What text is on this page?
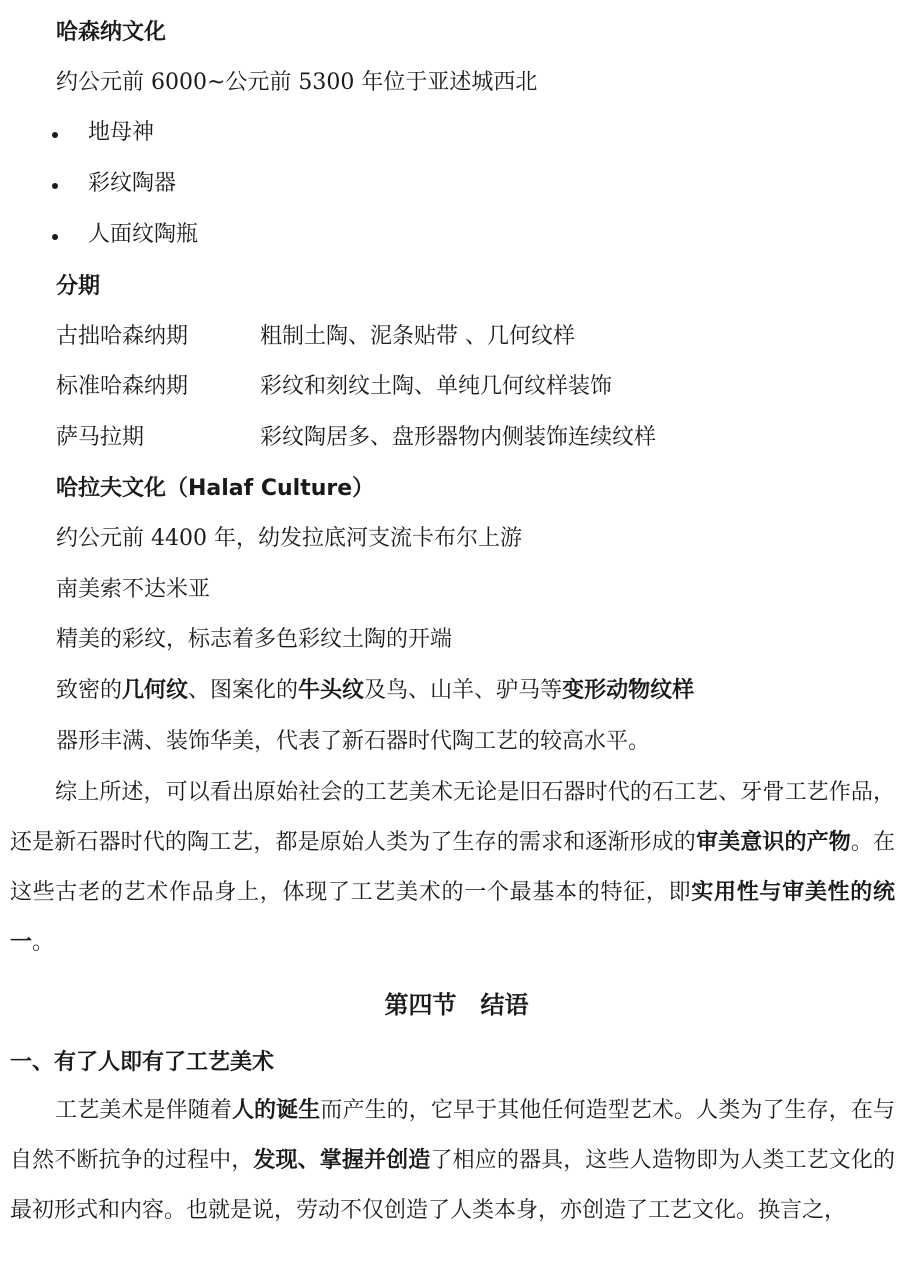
哈森纳文化
约公元前 6000~公元前 5300 年位于亚述城西北
地母神
彩纹陶器
人面纹陶瓶
分期
古拙哈森纳期	粗制土陶、泥条贴带 、几何纹样
标准哈森纳期	彩纹和刻纹土陶、单纯几何纹样装饰
萨马拉期	彩纹陶居多、盘形器物内侧装饰连续纹样
哈拉夫文化（Halaf Culture）
约公元前 4400 年，幼发拉底河支流卡布尔上游
南美索不达米亚
精美的彩纹，标志着多色彩纹土陶的开端
致密的几何纹、图案化的牛头纹及鸟、山羊、驴马等变形动物纹样
器形丰满、装饰华美，代表了新石器时代陶工艺的较高水平。
综上所述，可以看出原始社会的工艺美术无论是旧石器时代的石工艺、牙骨工艺作品，还是新石器时代的陶工艺，都是原始人类为了生存的需求和逐渐形成的审美意识的产物。在这些古老的艺术作品身上，体现了工艺美术的一个最基本的特征，即实用性与审美性的统一。
第四节　结语
一、有了人即有了工艺美术
工艺美术是伴随着人的诞生而产生的，它早于其他任何造型艺术。人类为了生存，在与自然不断抗争的过程中，发现、掌握并创造了相应的器具，这些人造物即为人类工艺文化的最初形式和内容。也就是说，劳动不仅创造了人类本身，亦创造了工艺文化。换言之，
